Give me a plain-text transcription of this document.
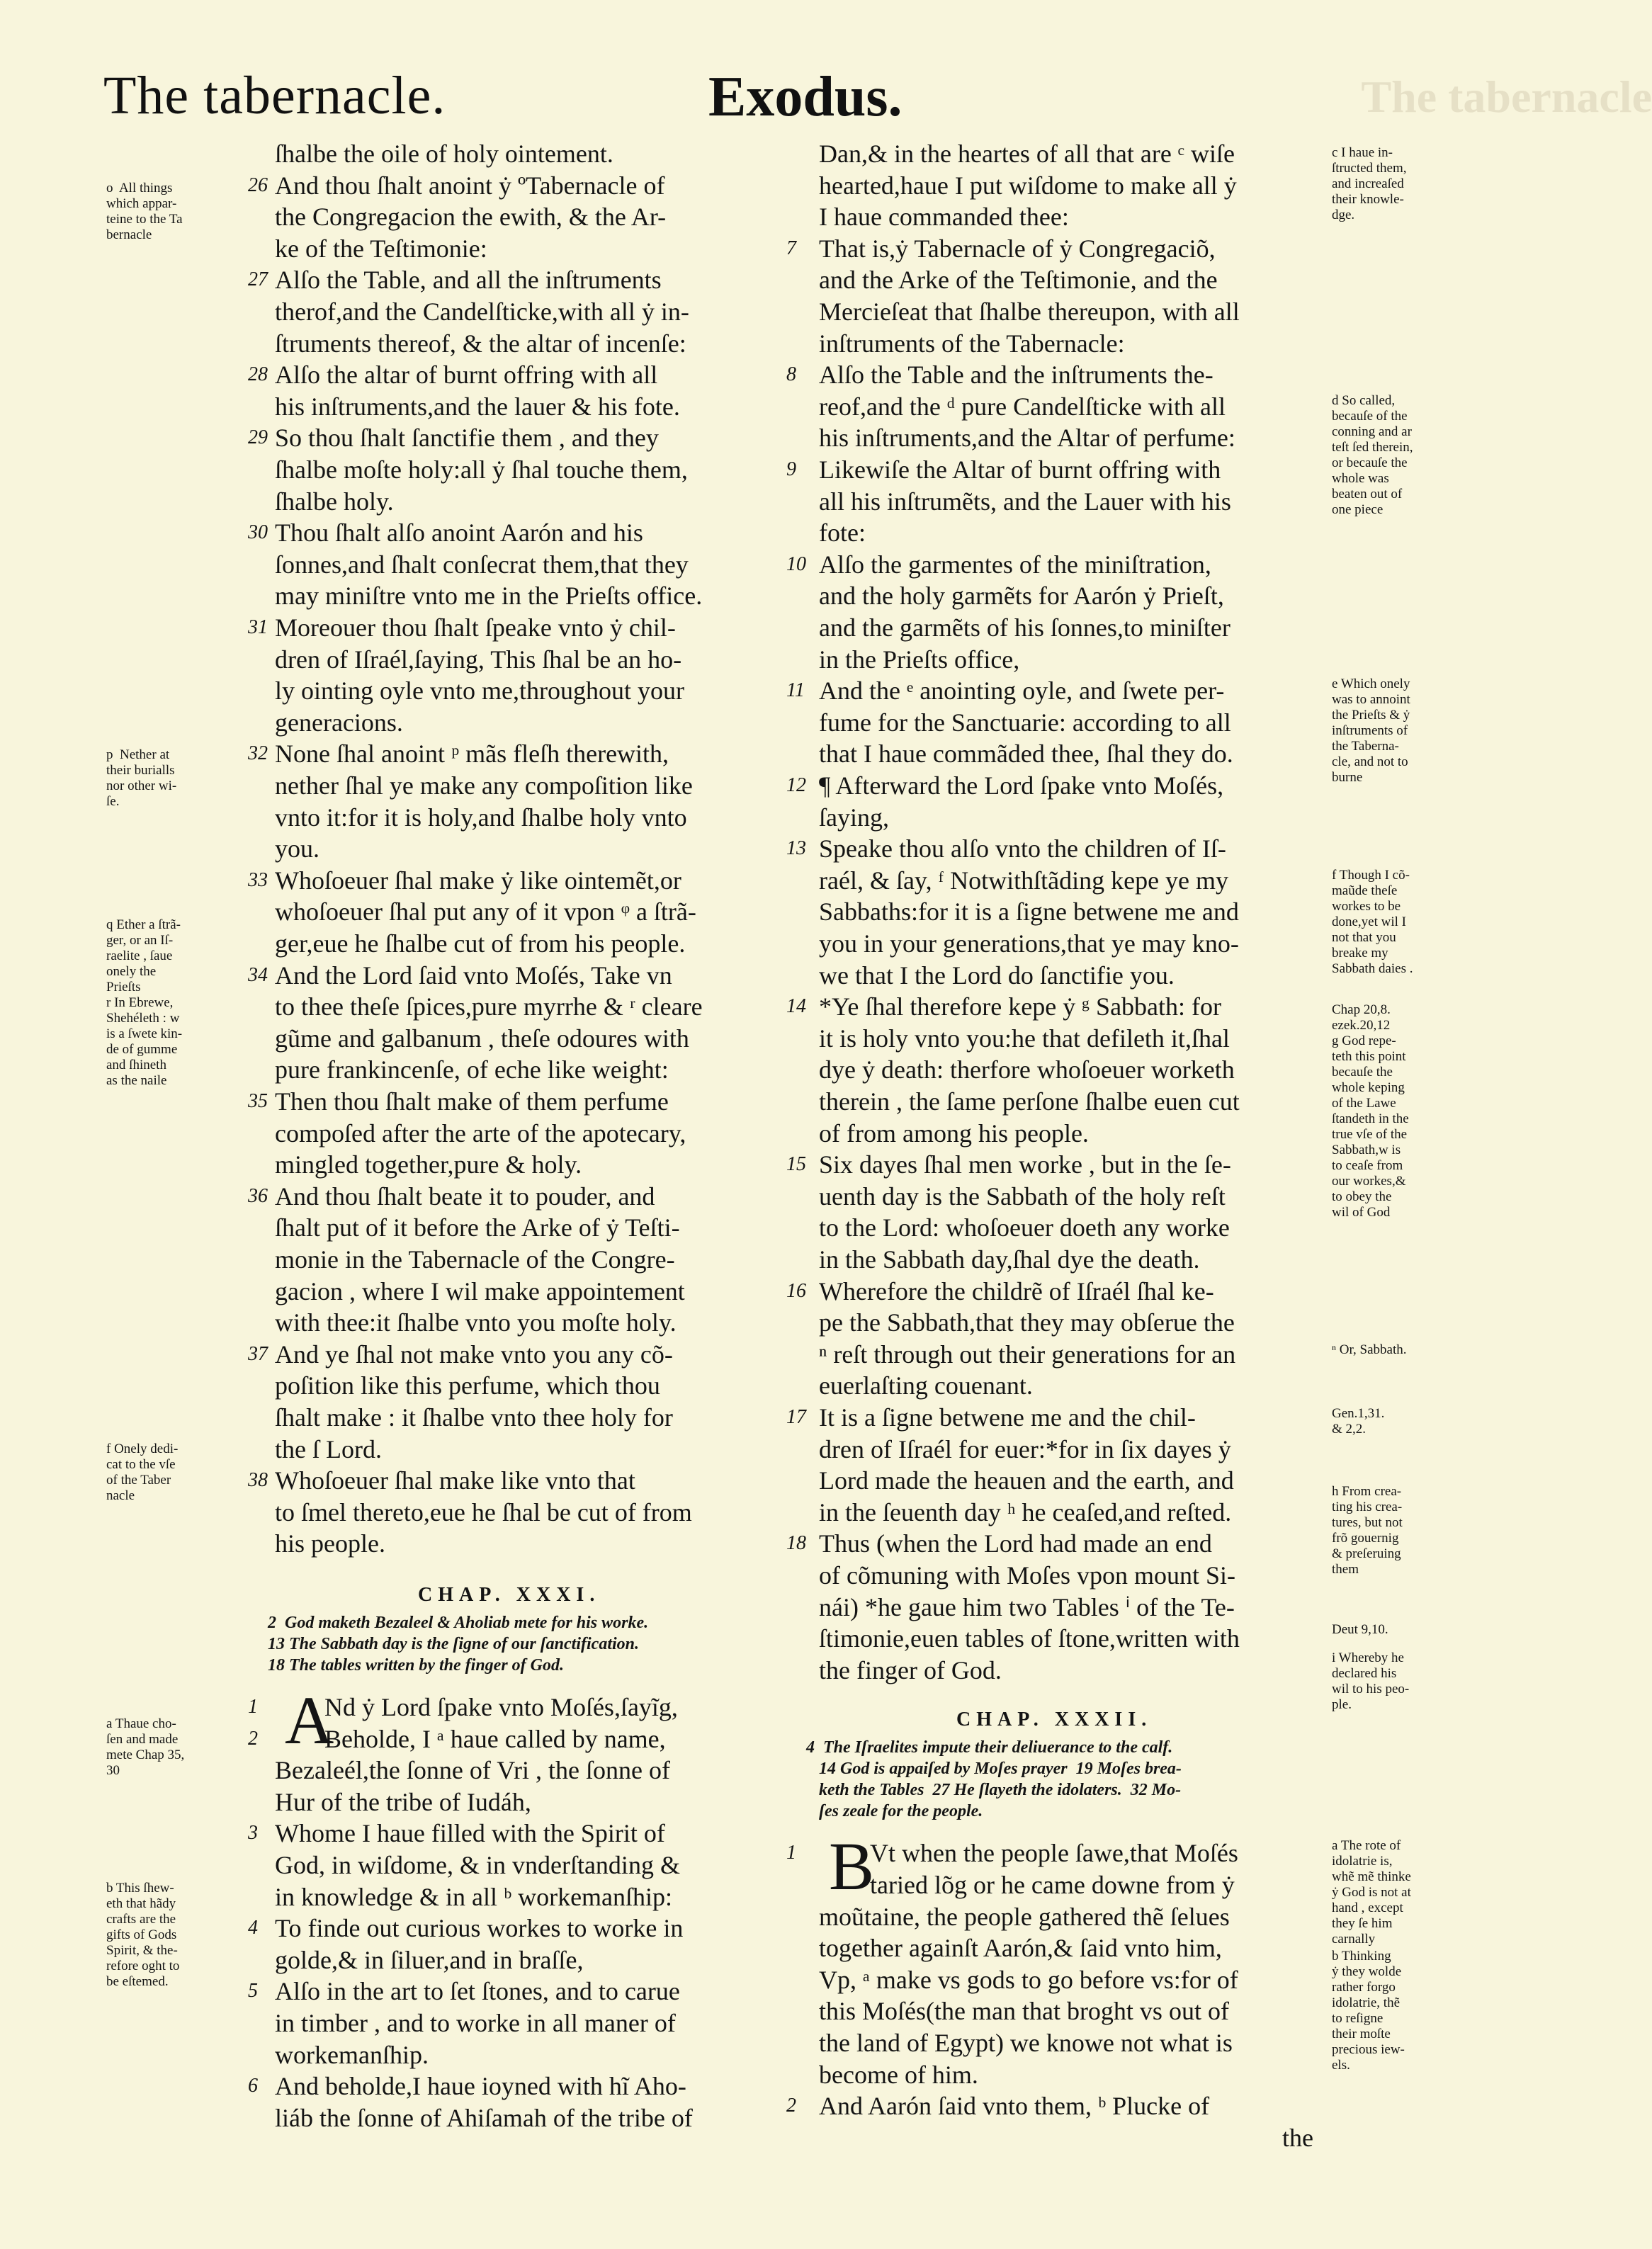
The tabernacle.	Exodus.	The tabernacle
o  All things
which appar-
teine to the Ta
bernacle
p  Nether at
their burialls
nor other wi-
ſe.
q Ether a ſtrã-
ger, or an Iſ-
raelite , ſaue
onely the
Prieſts
r In Ebrewe,
Shehéleth : w
is a ſwete kin-
de of gumme
and ſhineth
as the naile
f Onely dedi-
cat to the vſe
of the Taber
nacle
a Thaue cho-
ſen and made
mete Chap 35,
30
b This ſhew-
eth that hãdy
crafts are the
gifts of Gods
Spirit, & the-
refore oght to
be eſtemed.
ſhalbe the oile of holy ointement.
26 And thou ſhalt anoint ẏ ºTabernacle of
the Congregacion the ewith, & the Ar-
ke of the Teſtimonie:
27 Alſo the Table, and all the inſtruments
therof,and the Candelſticke,with all ẏ in-
ſtruments thereof, & the altar of incenſe:
28 Alſo the altar of burnt offring with all
his inſtruments,and the lauer & his fote.
29 So thou ſhalt ſanctifie them , and they
ſhalbe moſte holy:all ẏ ſhal touche them,
ſhalbe holy.
30 Thou ſhalt alſo anoint Aarón and his
ſonnes,and ſhalt conſecrat them,that they
may miniſtre vnto me in the Prieſts office.
31 Moreouer thou ſhalt ſpeake vnto ẏ chil-
dren of Iſraél,ſaying, This ſhal be an ho-
ly ointing oyle vnto me,throughout your
generacions.
32 None ſhal anoint ᵖ mãs fleſh therewith,
nether ſhal ye make any compoſition like
vnto it:for it is holy,and ſhalbe holy vnto
you.
33 Whoſoeuer ſhal make ẏ like ointemẽt,or
whoſoeuer ſhal put any of it vpon ᵠ a ſtrã-
ger,eue he ſhalbe cut of from his people.
34 And the Lord ſaid vnto Moſés, Take vn
to thee theſe ſpices,pure myrrhe & ʳ cleare
gũme and galbanum , theſe odoures with
pure frankincenſe, of eche like weight:
35 Then thou ſhalt make of them perfume
compoſed after the arte of the apotecary,
mingled together,pure & holy.
36 And thou ſhalt beate it to pouder, and
ſhalt put of it before the Arke of ẏ Teſti-
monie in the Tabernacle of the Congre-
gacion , where I wil make appointement
with thee:it ſhalbe vnto you moſte holy.
37 And ye ſhal not make vnto you any cõ-
poſition like this perfume, which thou
ſhalt make : it ſhalbe vnto thee holy for
the ſ Lord.
38 Whoſoeuer ſhal make like vnto that
to ſmel thereto,eue he ſhal be cut of from
his people.
CHAP. XXXI.
2  God maketh Bezaleel & Aholiab mete for his worke.
13 The Sabbath day is the ſigne of our ſanctification.
18 The tables written by the finger of God.
A
1	Nd ẏ Lord ſpake vnto Moſés,ſayĩg,
2	Beholde, I ᵃ haue called by name,
Bezaleél,the ſonne of Vri , the ſonne of
Hur of the tribe of Iudáh,
3 Whome I haue filled with the Spirit of
God, in wiſdome, & in vnderſtanding &
in knowledge & in all ᵇ workemanſhip:
4 To finde out curious workes to worke in
golde,& in ſiluer,and in braſſe,
5 Alſo in the art to ſet ſtones, and to carue
in timber , and to worke in all maner of
workemanſhip.
6 And beholde,I haue ioyned with hĩ Aho-
liáb the ſonne of Ahiſamah of the tribe of
Dan,& in the heartes of all that are ᶜ wiſe
hearted,haue I put wiſdome to make all ẏ
I haue commanded thee:
7 That is,ẏ Tabernacle of ẏ Congregaciõ,
and the Arke of the Teſtimonie, and the
Mercieſeat that ſhalbe thereupon, with all
inſtruments of the Tabernacle:
8 Alſo the Table and the inſtruments the-
reof,and the ᵈ pure Candelſticke with all
his inſtruments,and the Altar of perfume:
9 Likewiſe the Altar of burnt offring with
all his inſtrumẽts, and the Lauer with his
fote:
10 Alſo the garmentes of the miniſtration,
and the holy garmẽts for Aarón ẏ Prieſt,
and the garmẽts of his ſonnes,to miniſter
in the Prieſts office,
11 And the ᵉ anointing oyle, and ſwete per-
fume for the Sanctuarie: according to all
that I haue commãded thee, ſhal they do.
12 ¶ Afterward the Lord ſpake vnto Moſés,
ſaying,
13 Speake thou alſo vnto the children of Iſ-
raél, & ſay, ᶠ Notwithſtãding kepe ye my
Sabbaths:for it is a ſigne betwene me and
you in your generations,that ye may kno-
we that I the Lord do ſanctifie you.
14 *Ye ſhal therefore kepe ẏ ᵍ Sabbath: for
it is holy vnto you:he that defileth it,ſhal
dye ẏ death: therfore whoſoeuer worketh
therein , the ſame perſone ſhalbe euen cut
of from among his people.
15 Six dayes ſhal men worke , but in the ſe-
uenth day is the Sabbath of the holy reſt
to the Lord: whoſoeuer doeth any worke
in the Sabbath day,ſhal dye the death.
16 Wherefore the childrẽ of Iſraél ſhal ke-
pe the Sabbath,that they may obſerue the
ⁿ reſt through out their generations for an
euerlaſting couenant.
17 It is a ſigne betwene me and the chil-
dren of Iſraél for euer:*for in ſix dayes ẏ
Lord made the heauen and the earth, and
in the ſeuenth day ʰ he ceaſed,and reſted.
18 Thus (when the Lord had made an end
of cõmuning with Moſes vpon mount Si-
nái) *he gaue him two Tables ⁱ of the Te-
ſtimonie,euen tables of ſtone,written with
the finger of God.
CHAP. XXXII.
4  The Iſraelites impute their deliuerance to the calf.
14 God is appaiſed by Moſes prayer  19 Moſes brea-
keth the Tables  27 He ſlayeth the idolaters.  32 Mo-
ſes zeale for the people.
B
1	Vt when the people ſawe,that Moſés
taried lõg or he came downe from ẏ
moũtaine, the people gathered thẽ ſelues
together againſt Aarón,& ſaid vnto him,
Vp, ᵃ make vs gods to go before vs:for of
this Moſés(the man that broght vs out of
the land of Egypt) we knowe not what is
become of him.
2 And Aarón ſaid vnto them, ᵇ Plucke of
the
c I haue in-
ſtructed them,
and increaſed
their knowle-
dge.
d So called,
becauſe of the
conning and ar
teſt ſed therein,
or becauſe the
whole was
beaten out of
one piece
e Which onely
was to annoint
the Prieſts & ẏ
inſtruments of
the Taberna-
cle, and not to
burne
f Though I cõ-
maũde theſe
workes to be
done,yet wil I
not that you
breake my
Sabbath daies .
Chap 20,8.
ezek.20,12
g God repe-
teth this point
becauſe the
whole keping
of the Lawe
ſtandeth in the
true vſe of the
Sabbath,w is
to ceaſe from
our workes,&
to obey the
wil of God
ⁿ Or, Sabbath.
Gen.1,31.
& 2,2.
h From crea-
ting his crea-
tures, but not
frõ gouernig
& preſeruing
them
Deut 9,10.
i Whereby he
declared his
wil to his peo-
ple.
a The rote of
idolatrie is,
whẽ mẽ thinke
ẏ God is not at
hand , except
they ſe him
carnally
b Thinking
ẏ they wolde
rather forgo
idolatrie, thẽ
to reſigne
their moſte
precious iew-
els.
